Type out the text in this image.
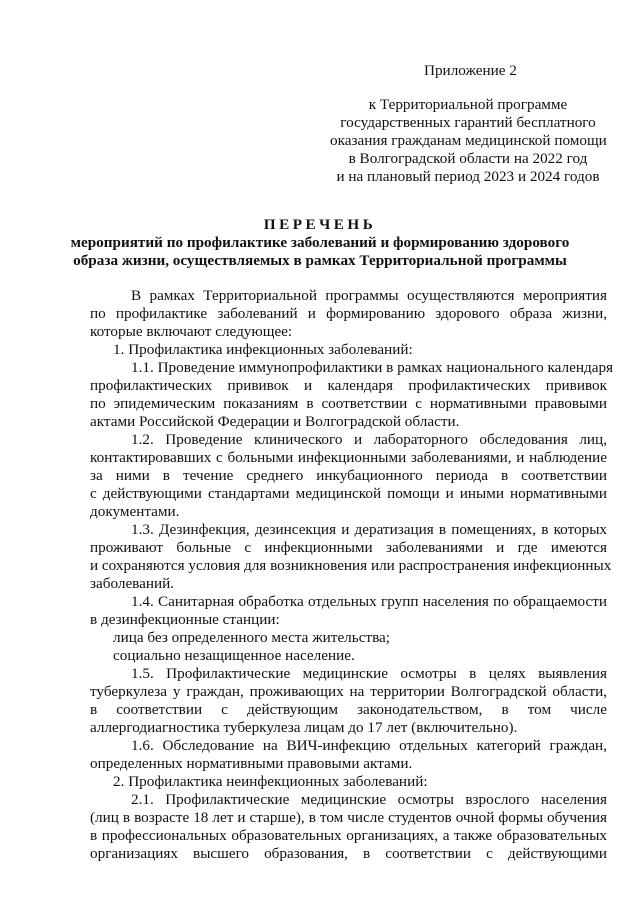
Приложение 2
к Территориальной программе
государственных гарантий бесплатного
оказания гражданам медицинской помощи
в Волгоградской области на 2022 год
и на плановый период 2023 и 2024 годов
ПЕРЕЧЕНЬ
мероприятий по профилактике заболеваний и формированию здорового
образа жизни, осуществляемых в рамках Территориальной программы
В рамках Территориальной программы осуществляются мероприятия
по профилактике заболеваний и формированию здорового образа жизни,
которые включают следующее:
1. Профилактика инфекционных заболеваний:
1.1. Проведение иммунопрофилактики в рамках национального календаря
профилактических прививок и календаря профилактических прививок
по эпидемическим показаниям в соответствии с нормативными правовыми
актами Российской Федерации и Волгоградской области.
1.2. Проведение клинического и лабораторного обследования лиц,
контактировавших с больными инфекционными заболеваниями, и наблюдение
за ними в течение среднего инкубационного периода в соответствии
с действующими стандартами медицинской помощи и иными нормативными
документами.
1.3. Дезинфекция, дезинсекция и дератизация в помещениях, в которых
проживают больные с инфекционными заболеваниями и где имеются
и сохраняются условия для возникновения или распространения инфекционных
заболеваний.
1.4. Санитарная обработка отдельных групп населения по обращаемости
в дезинфекционные станции:
лица без определенного места жительства;
социально незащищенное население.
1.5. Профилактические медицинские осмотры в целях выявления
туберкулеза у граждан, проживающих на территории Волгоградской области,
в соответствии с действующим законодательством, в том числе
аллергодиагностика туберкулеза лицам до 17 лет (включительно).
1.6. Обследование на ВИЧ-инфекцию отдельных категорий граждан,
определенных нормативными правовыми актами.
2. Профилактика неинфекционных заболеваний:
2.1. Профилактические медицинские осмотры взрослого населения
(лиц в возрасте 18 лет и старше), в том числе студентов очной формы обучения
в профессиональных образовательных организациях, а также образовательных
организациях высшего образования, в соответствии с действующими
